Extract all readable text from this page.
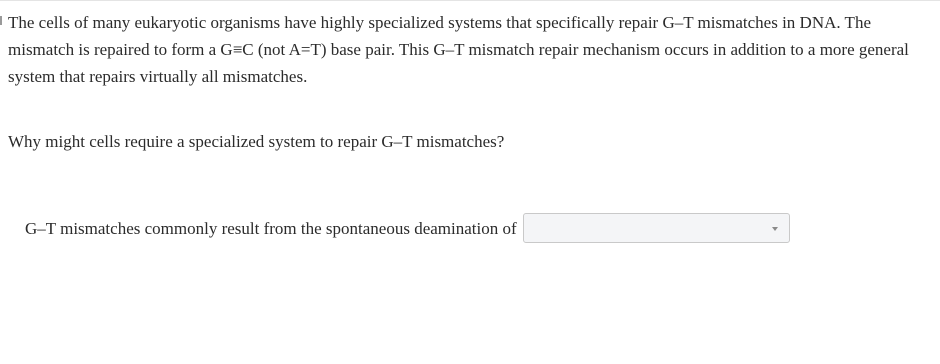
The cells of many eukaryotic organisms have highly specialized systems that specifically repair G–T mismatches in DNA. The mismatch is repaired to form a G≡C (not A=T) base pair. This G–T mismatch repair mechanism occurs in addition to a more general system that repairs virtually all mismatches.

Why might cells require a specialized system to repair G–T mismatches?

G–T mismatches commonly result from the spontaneous deamination of
